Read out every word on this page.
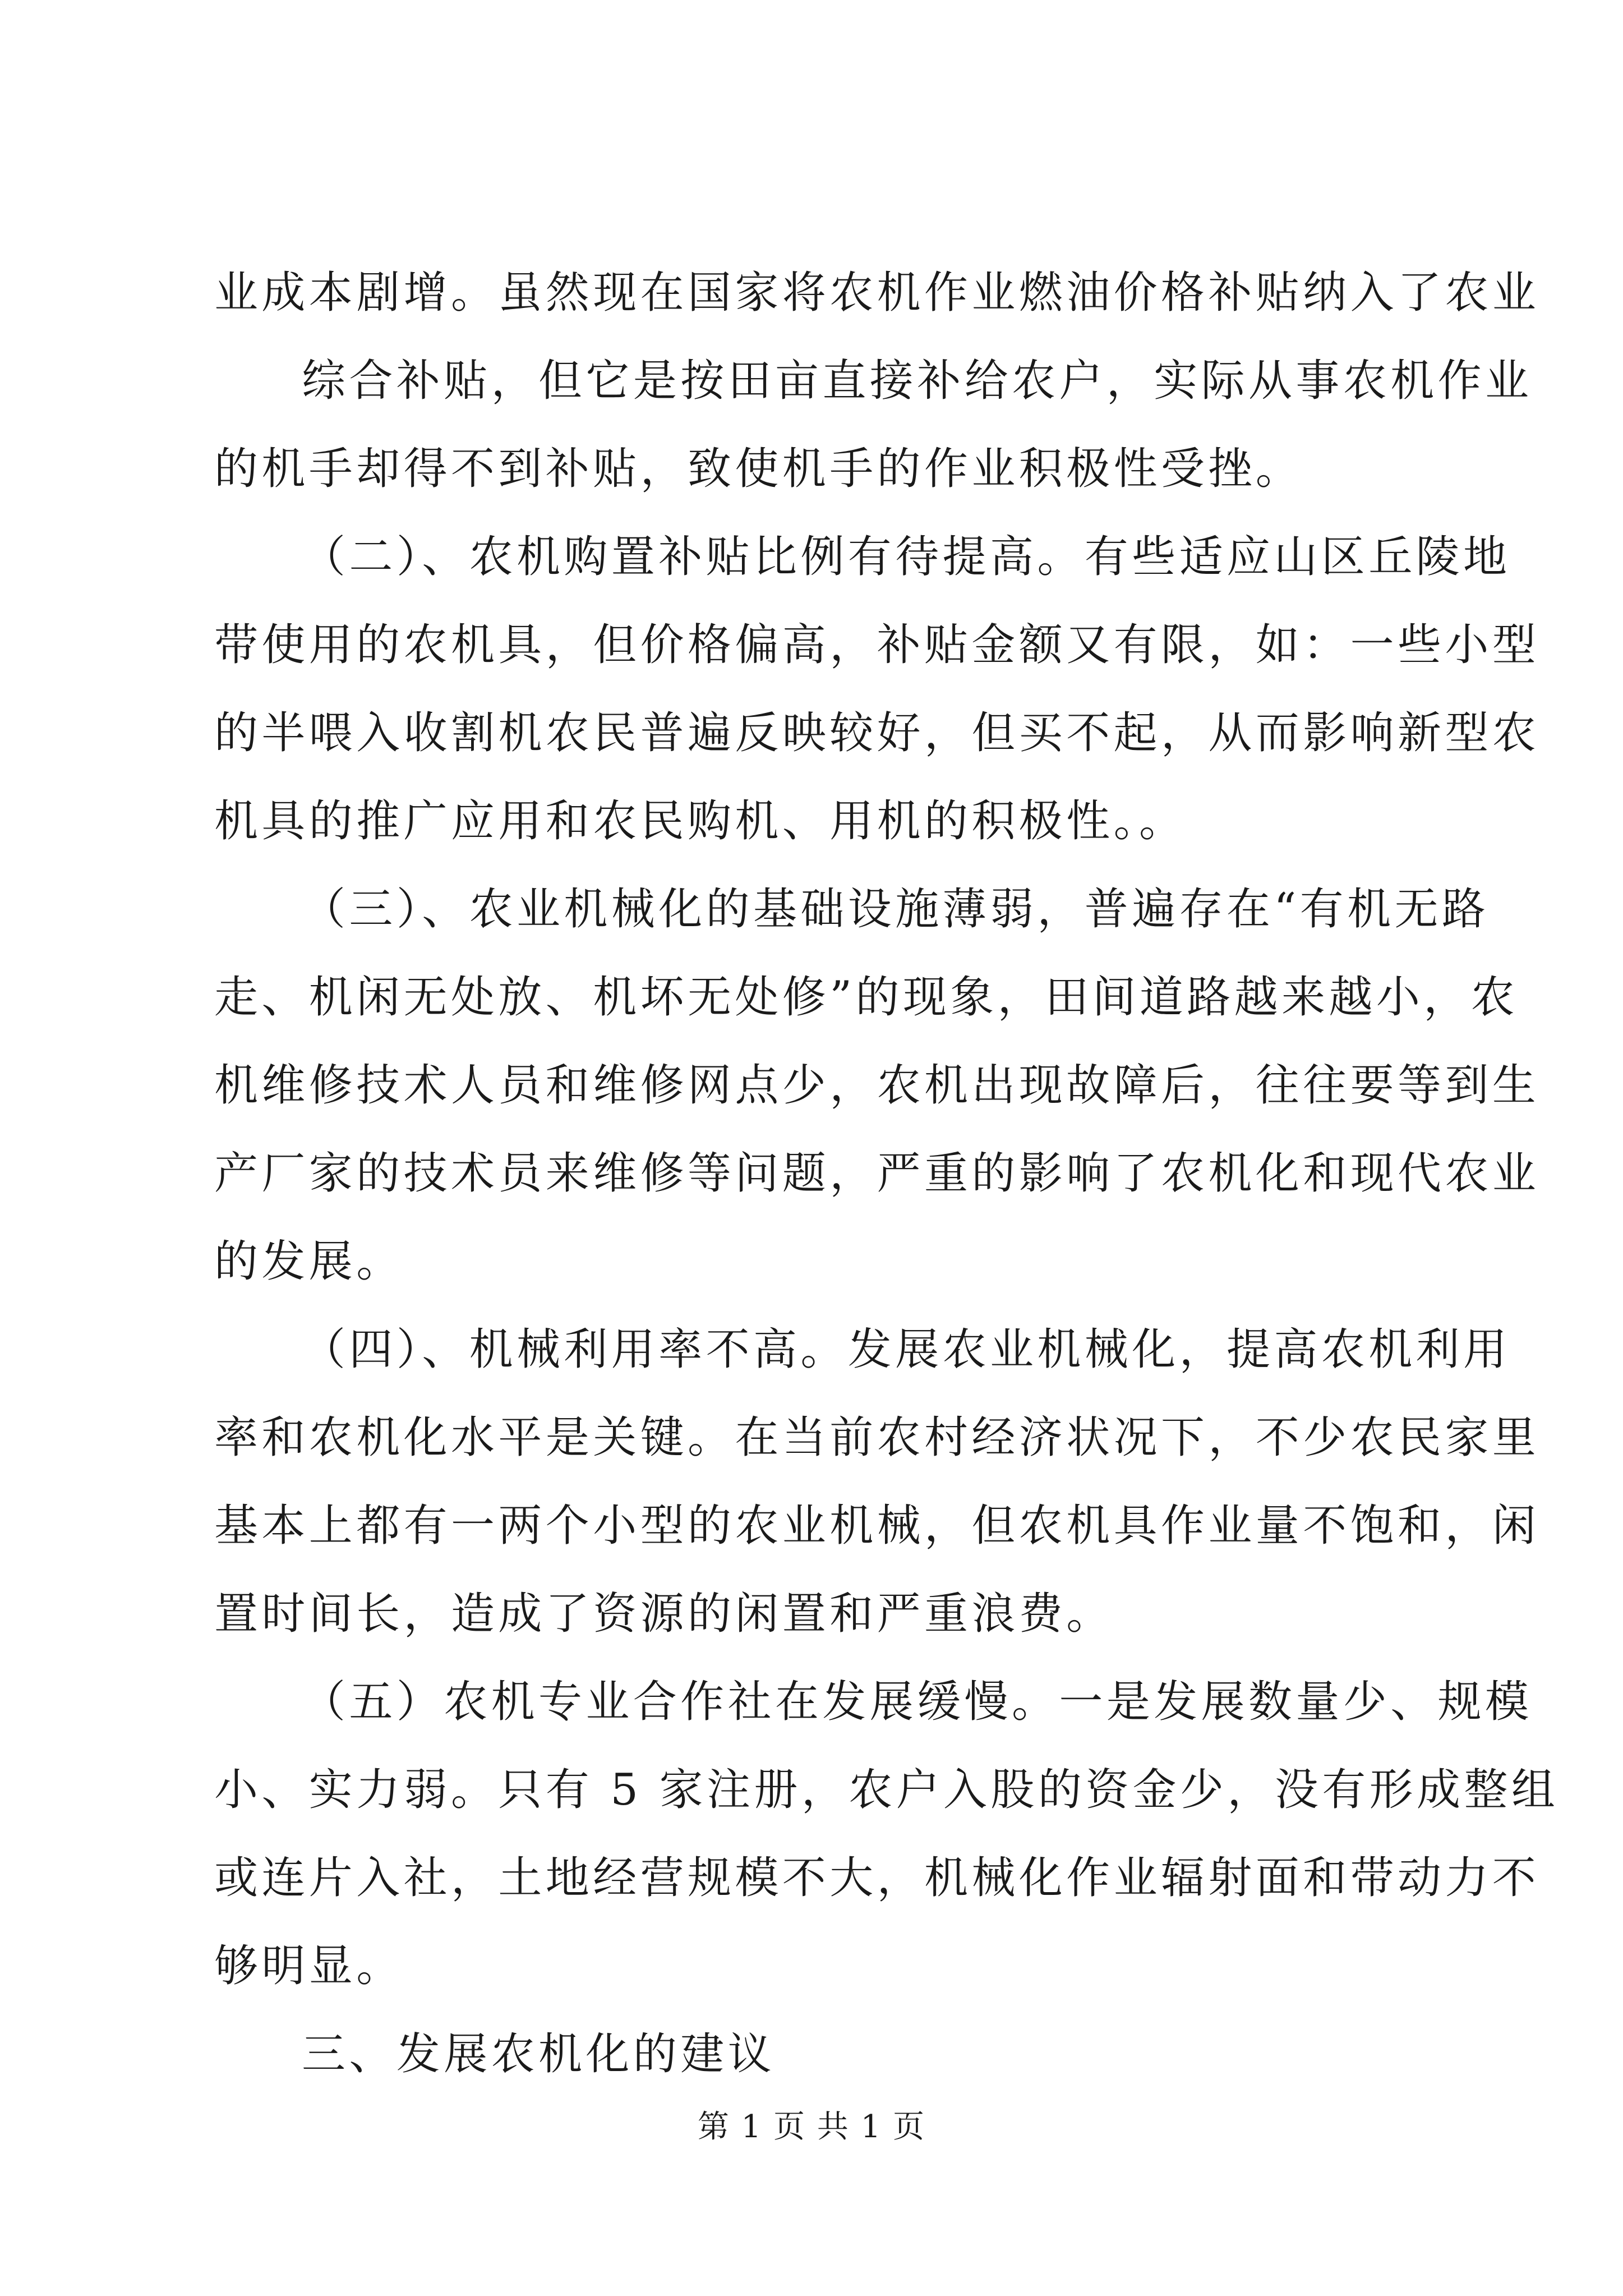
业成本剧增。虽然现在国家将农机作业燃油价格补贴纳入了农业
综合补贴，但它是按田亩直接补给农户，实际从事农机作业
的机手却得不到补贴，致使机手的作业积极性受挫。
（二）、农机购置补贴比例有待提高。有些适应山区丘陵地
带使用的农机具，但价格偏高，补贴金额又有限，如：一些小型
的半喂入收割机农民普遍反映较好，但买不起，从而影响新型农
机具的推广应用和农民购机、用机的积极性。。
（三）、农业机械化的基础设施薄弱，普遍存在“有机无路
走、机闲无处放、机坏无处修”的现象，田间道路越来越小，农
机维修技术人员和维修网点少，农机出现故障后，往往要等到生
产厂家的技术员来维修等问题，严重的影响了农机化和现代农业
的发展。
（四）、机械利用率不高。发展农业机械化，提高农机利用
率和农机化水平是关键。在当前农村经济状况下，不少农民家里
基本上都有一两个小型的农业机械，但农机具作业量不饱和，闲
置时间长，造成了资源的闲置和严重浪费。
（五）农机专业合作社在发展缓慢。一是发展数量少、规模
小、实力弱。只有 5 家注册，农户入股的资金少，没有形成整组
或连片入社，土地经营规模不大，机械化作业辐射面和带动力不
够明显。
三、发展农机化的建议
第 1 页 共 1 页
